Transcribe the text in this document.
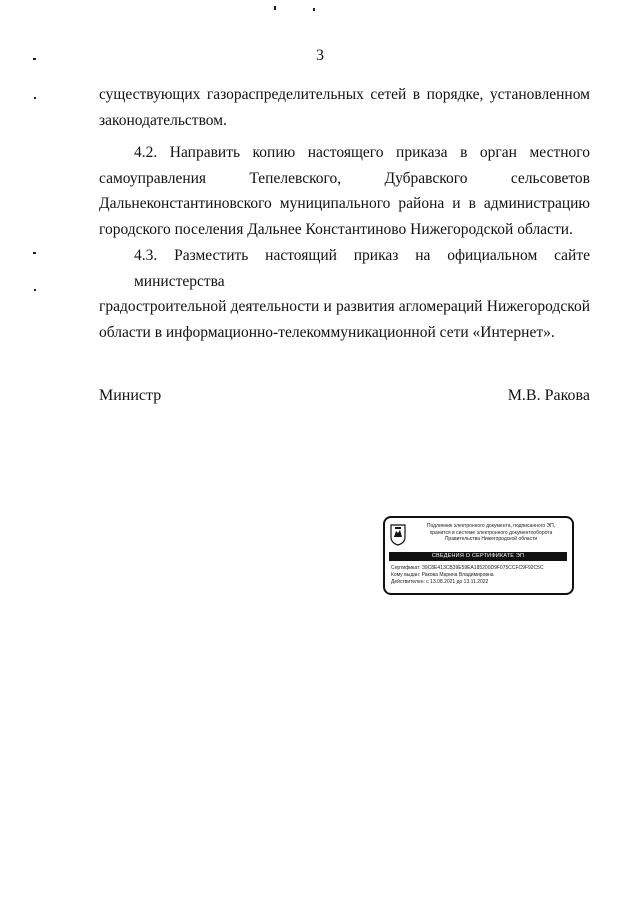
3
существующих газораспределительных сетей в порядке, установленном
законодательством.
4.2. Направить копию настоящего приказа в орган местного
самоуправления Тепелевского, Дубравского сельсоветов
Дальнеконстантиновского муниципального района и в администрацию
городского поселения Дальнее Константиново Нижегородской области.
4.3. Разместить настоящий приказ на официальном сайте министерства
градостроительной деятельности и развития агломераций Нижегородской
области в информационно-телекоммуникационной сети «Интернет».
Министр	М.В. Ракова
Подлинник электронного документа, подписанного ЭП,
хранится в системе электронного документооборота
Правительства Нижегородской области
СВЕДЕНИЯ О СЕРТИФИКАТЕ ЭП
Сертификат: 39C8E413CB39E59EA185200D9F075CCFC9F92C5C
Кому выдан: Ракова Марина Владимировна
Действителен: с 13.08.2021 до 13.11.2022
